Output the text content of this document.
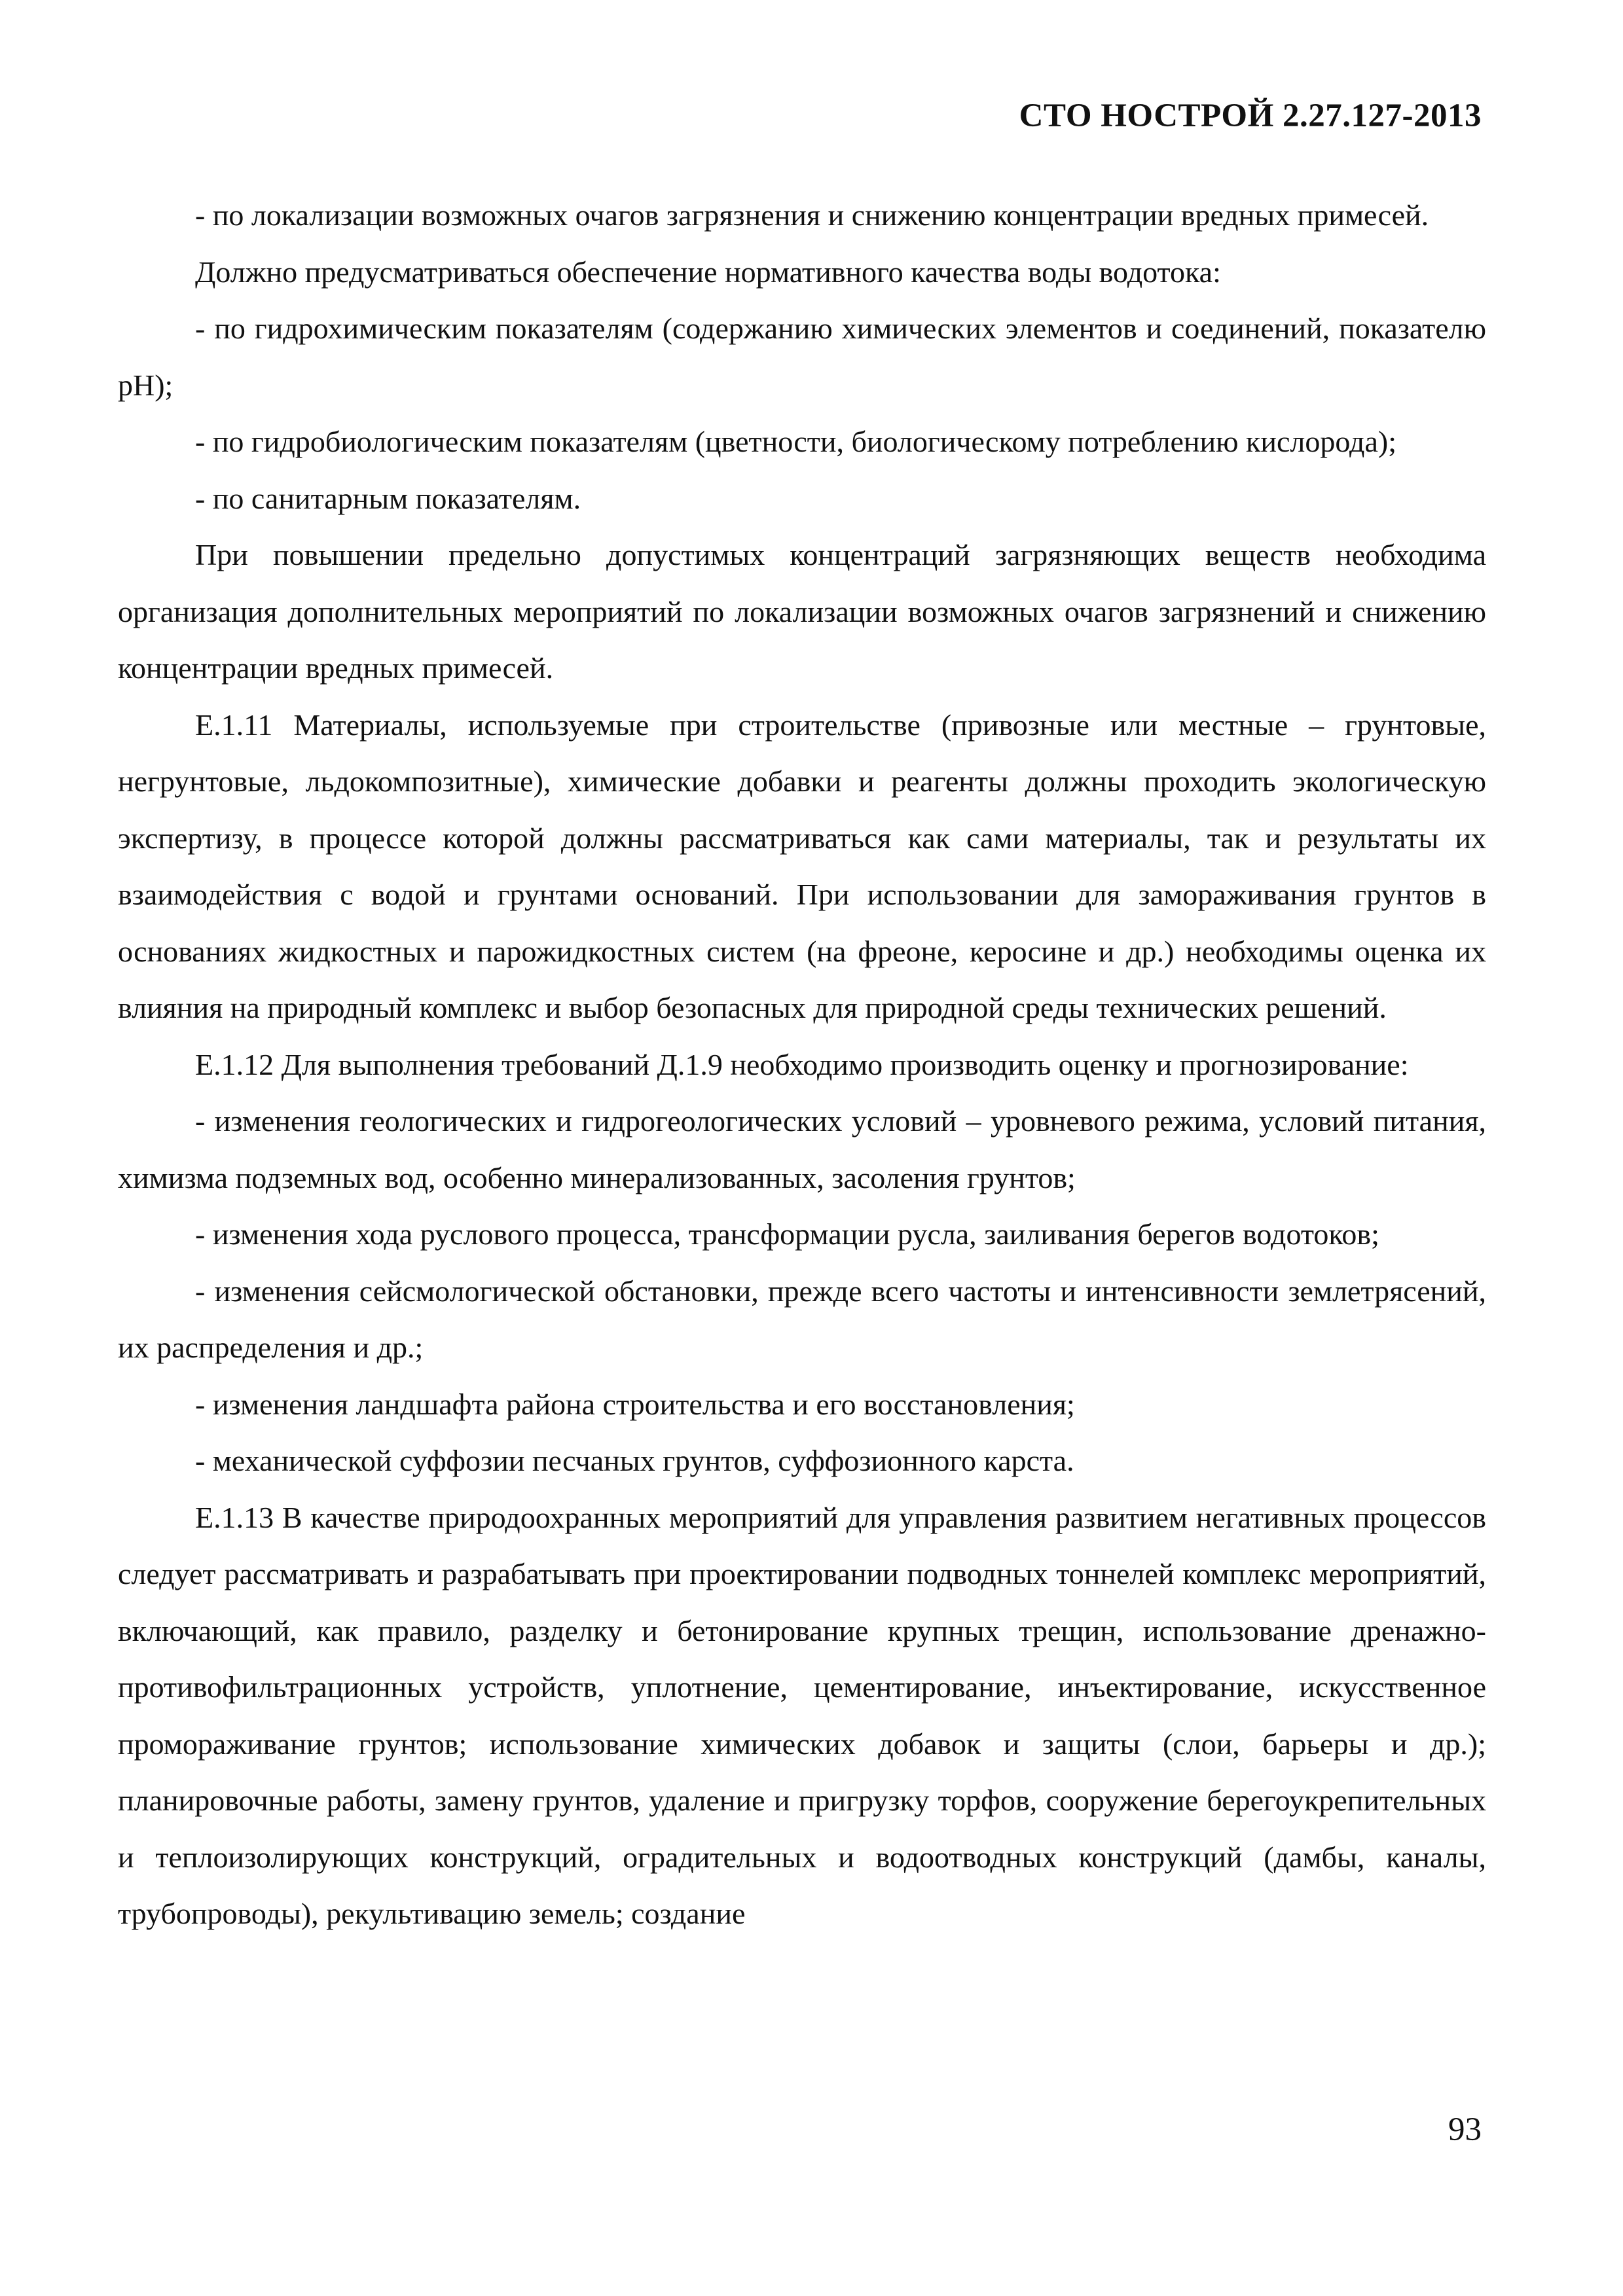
СТО НОСТРОЙ 2.27.127-2013

- по локализации возможных очагов загрязнения и снижению концентрации вредных примесей.

Должно предусматриваться обеспечение нормативного качества воды водотока:

- по гидрохимическим показателям (содержанию химических элементов и соединений, показателю pH);

- по гидробиологическим показателям (цветности, биологическому потреблению кислорода);

- по санитарным показателям.

При повышении предельно допустимых концентраций загрязняющих веществ необходима организация дополнительных мероприятий по локализации возможных очагов загрязнений и снижению концентрации вредных примесей.

Е.1.11 Материалы, используемые при строительстве (привозные или местные – грунтовые, негрунтовые, льдокомпозитные), химические добавки и реагенты должны проходить экологическую экспертизу, в процессе которой должны рассматриваться как сами материалы, так и результаты их взаимодействия с водой и грунтами оснований. При использовании для замораживания грунтов в основаниях жидкостных и парожидкостных систем (на фреоне, керосине и др.) необходимы оценка их влияния на природный комплекс и выбор безопасных для природной среды технических решений.

Е.1.12 Для выполнения требований Д.1.9 необходимо производить оценку и прогнозирование:

- изменения геологических и гидрогеологических условий – уровневого режима, условий питания, химизма подземных вод, особенно минерализованных, засоления грунтов;

- изменения хода руслового процесса, трансформации русла, заиливания берегов водотоков;

- изменения сейсмологической обстановки, прежде всего частоты и интенсивности землетрясений, их распределения и др.;

- изменения ландшафта района строительства и его восстановления;

- механической суффозии песчаных грунтов, суффозионного карста.

Е.1.13 В качестве природоохранных мероприятий для управления развитием негативных процессов следует рассматривать и разрабатывать при проектировании подводных тоннелей комплекс мероприятий, включающий, как правило, разделку и бетонирование крупных трещин, использование дренажно-противофильтрационных устройств, уплотнение, цементирование, инъектирование, искусственное промораживание грунтов; использование химических добавок и защиты (слои, барьеры и др.); планировочные работы, замену грунтов, удаление и пригрузку торфов, сооружение берегоукрепительных и теплоизолирующих конструкций, оградительных и водоотводных конструкций (дамбы, каналы, трубопроводы), рекультивацию земель; создание

93
